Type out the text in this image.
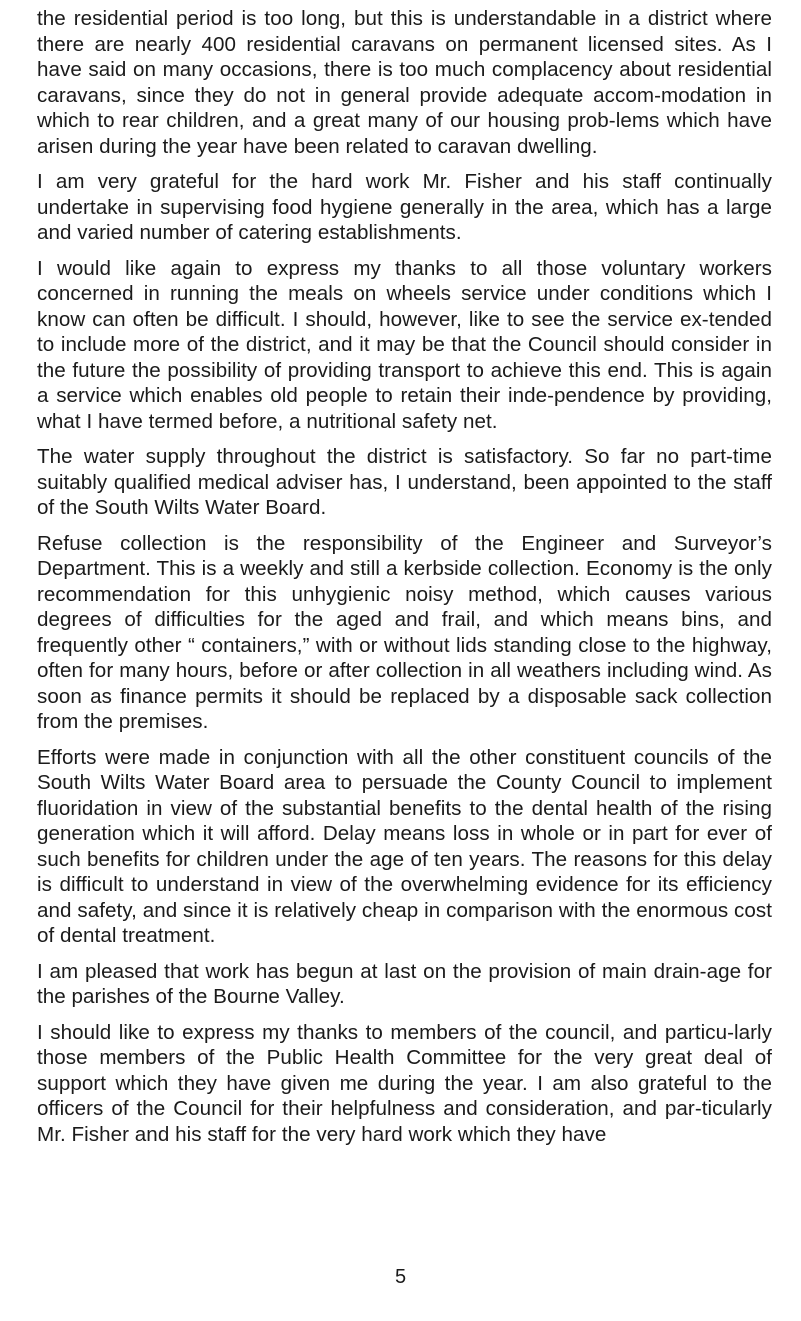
the residential period is too long, but this is understandable in a district where there are nearly 400 residential caravans on permanent licensed sites. As I have said on many occasions, there is too much complacency about residential caravans, since they do not in general provide adequate accom-modation in which to rear children, and a great many of our housing prob-lems which have arisen during the year have been related to caravan dwelling.

I am very grateful for the hard work Mr. Fisher and his staff continually undertake in supervising food hygiene generally in the area, which has a large and varied number of catering establishments.

I would like again to express my thanks to all those voluntary workers concerned in running the meals on wheels service under conditions which I know can often be difficult. I should, however, like to see the service ex-tended to include more of the district, and it may be that the Council should consider in the future the possibility of providing transport to achieve this end. This is again a service which enables old people to retain their inde-pendence by providing, what I have termed before, a nutritional safety net.

The water supply throughout the district is satisfactory. So far no part-time suitably qualified medical adviser has, I understand, been appointed to the staff of the South Wilts Water Board.

Refuse collection is the responsibility of the Engineer and Surveyor’s Department. This is a weekly and still a kerbside collection. Economy is the only recommendation for this unhygienic noisy method, which causes various degrees of difficulties for the aged and frail, and which means bins, and frequently other “ containers,” with or without lids standing close to the highway, often for many hours, before or after collection in all weathers including wind. As soon as finance permits it should be replaced by a disposable sack collection from the premises.

Efforts were made in conjunction with all the other constituent councils of the South Wilts Water Board area to persuade the County Council to implement fluoridation in view of the substantial benefits to the dental health of the rising generation which it will afford. Delay means loss in whole or in part for ever of such benefits for children under the age of ten years. The reasons for this delay is difficult to understand in view of the overwhelming evidence for its efficiency and safety, and since it is relatively cheap in comparison with the enormous cost of dental treatment.

I am pleased that work has begun at last on the provision of main drain-age for the parishes of the Bourne Valley.

I should like to express my thanks to members of the council, and particu-larly those members of the Public Health Committee for the very great deal of support which they have given me during the year. I am also grateful to the officers of the Council for their helpfulness and consideration, and par-ticularly Mr. Fisher and his staff for the very hard work which they have

5
